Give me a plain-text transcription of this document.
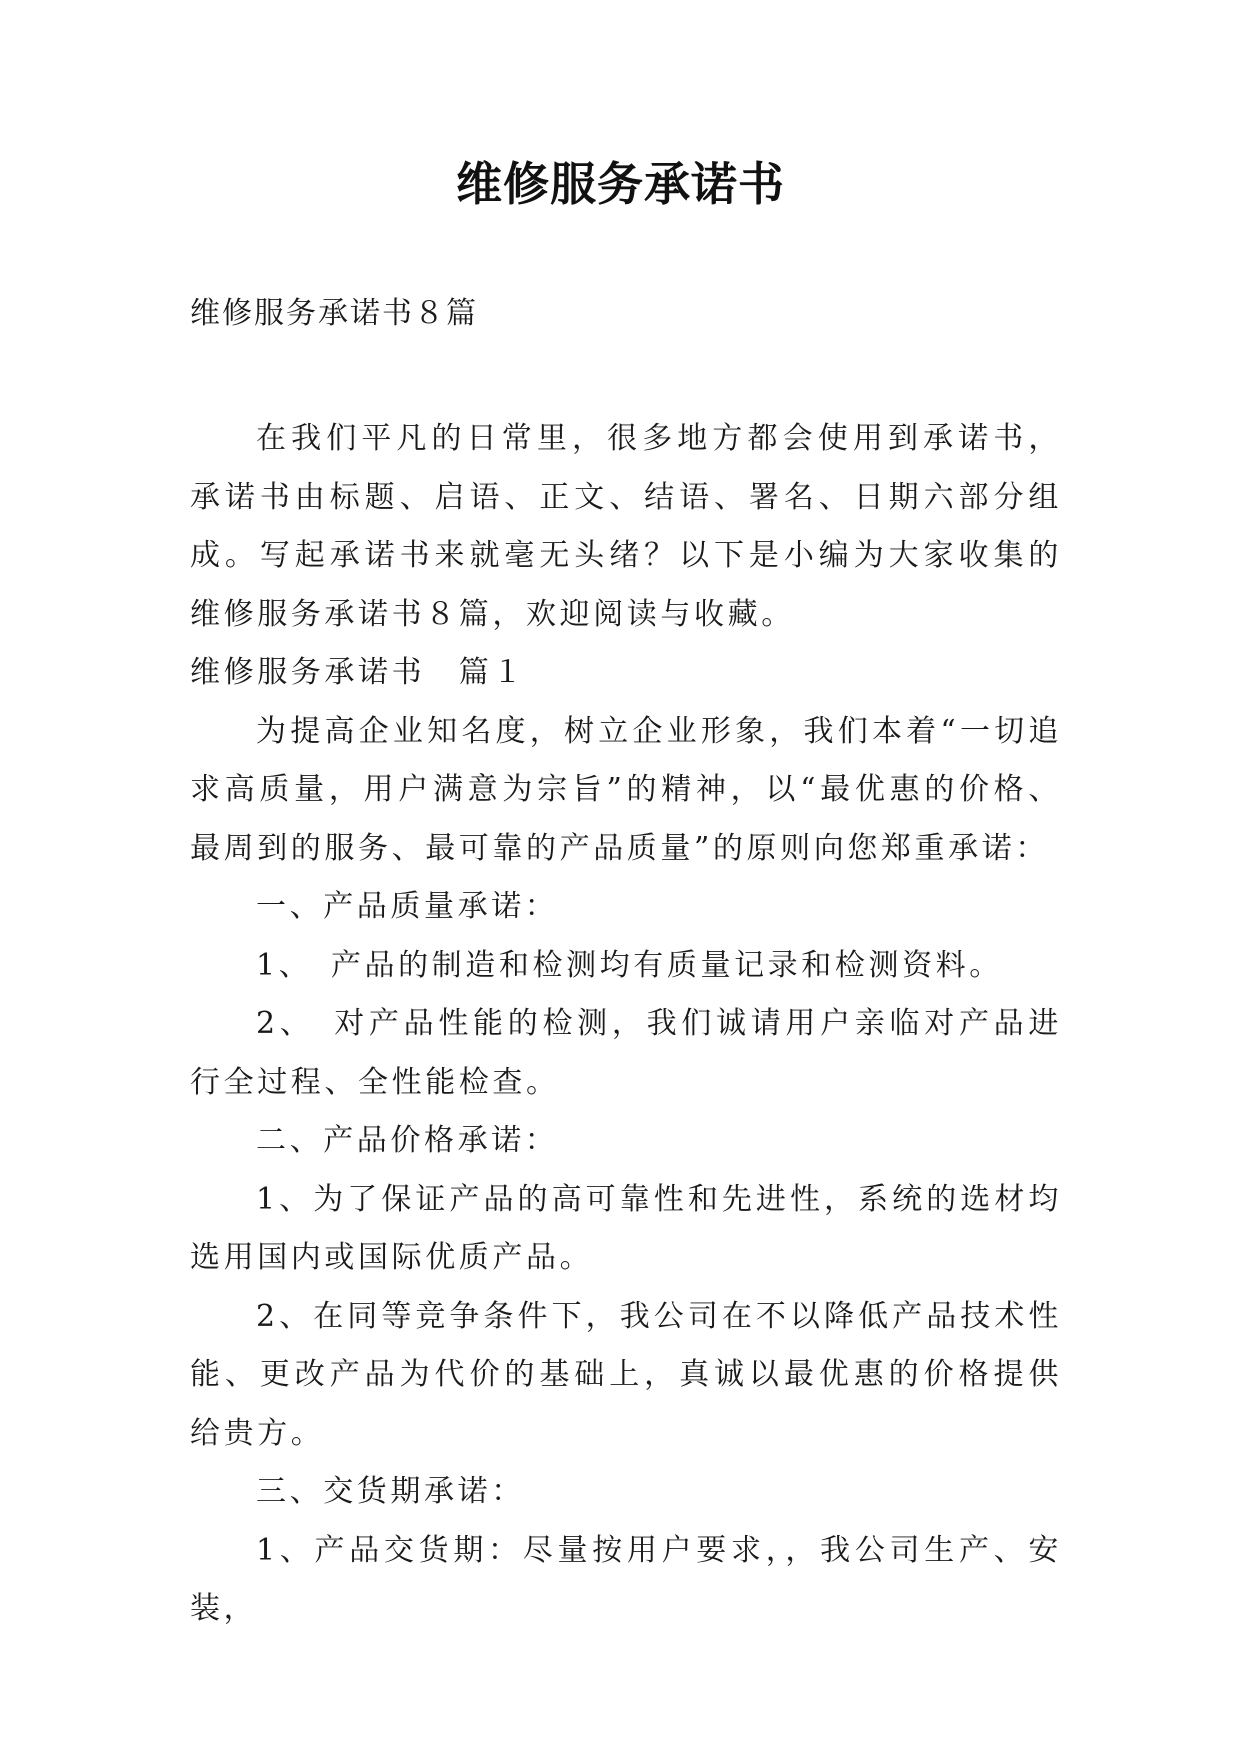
维修服务承诺书
维修服务承诺书８篇

在我们平凡的日常里，很多地方都会使用到承诺书，承诺书由标题、启语、正文、结语、署名、日期六部分组成。写起承诺书来就毫无头绪？以下是小编为大家收集的维修服务承诺书８篇，欢迎阅读与收藏。

维修服务承诺书　篇１

为提高企业知名度，树立企业形象，我们本着“一切追求高质量，用户满意为宗旨”的精神，以“最优惠的价格、最周到的服务、最可靠的产品质量”的原则向您郑重承诺：

一、产品质量承诺：

1、　产品的制造和检测均有质量记录和检测资料。

2、　对产品性能的检测，我们诚请用户亲临对产品进行全过程、全性能检查。

二、产品价格承诺：

1、为了保证产品的高可靠性和先进性，系统的选材均选用国内或国际优质产品。

2、在同等竞争条件下，我公司在不以降低产品技术性能、更改产品为代价的基础上，真诚以最优惠的价格提供给贵方。

三、交货期承诺：

1、产品交货期：尽量按用户要求，，我公司生产、安装，
